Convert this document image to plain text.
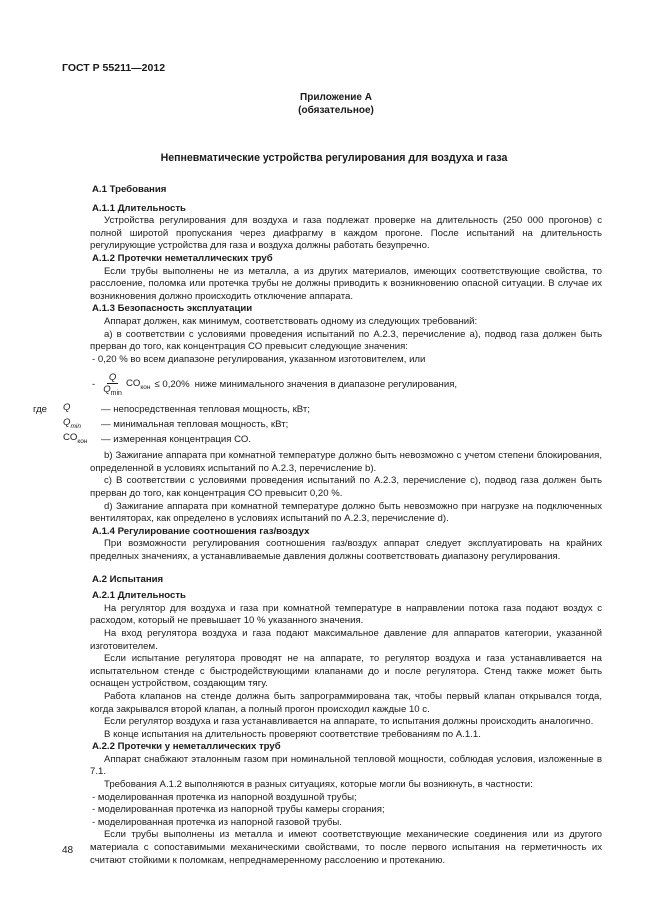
ГОСТ Р 55211—2012
Приложение А
(обязательное)
Непневматические устройства регулирования для воздуха и газа

А.1 Требования

А.1.1 Длительность

Устройства регулирования для воздуха и газа подлежат проверке на длительность (250 000 прогонов) с полной широтой пропускания через диафрагму в каждом прогоне. После испытаний на длительность регулирующие устройства для газа и воздуха должны работать безупречно.

А.1.2 Протечки неметаллических труб

Если трубы выполнены не из металла, а из других материалов, имеющих соответствующие свойства, то расслоение, поломка или протечка трубы не должны приводить к возникновению опасной ситуации. В случае их возникновения должно происходить отключение аппарата.

А.1.3 Безопасность эксплуатации

Аппарат должен, как минимум, соответствовать одному из следующих требований:

а) в соответствии с условиями проведения испытаний по А.2.3, перечисление а), подвод газа должен быть прерван до того, как концентрация СО превысит следующие значения:

- 0,20 % во всем диапазоне регулирования, указанном изготовителем, или

- $\frac{Q}{Q_{min}} CO_{кон} \le 0,20\%$ ниже минимального значения в диапазоне регулирования,
где	Q	— непосредственная тепловая мощность, кВт;
$Q_{min}$	— минимальная тепловая мощность, кВт;
$CO_{кон}$	— измеренная концентрация СО.

b) Зажигание аппарата при комнатной температуре должно быть невозможно с учетом степени блокирования, определенной в условиях испытаний по А.2.3, перечисление b).

c) В соответствии с условиями проведения испытаний по А.2.3, перечисление с), подвод газа должен быть прерван до того, как концентрация СО превысит 0,20 %.

d) Зажигание аппарата при комнатной температуре должно быть невозможно при нагрузке на подключенных вентиляторах, как определено в условиях испытаний по А.2.3, перечисление d).

А.1.4 Регулирование соотношения газ/воздух

При возможности регулирования соотношения газ/воздух аппарат следует эксплуатировать на крайних пределных значениях, а устанавливаемые давления должны соответствовать диапазону регулирования.

А.2 Испытания

А.2.1 Длительность

На регулятор для воздуха и газа при комнатной температуре в направлении потока газа подают воздух с расходом, который не превышает 10 % указанного значения.

На вход регулятора воздуха и газа подают максимальное давление для аппаратов категории, указанной изготовителем.

Если испытание регулятора проводят не на аппарате, то регулятор воздуха и газа устанавливается на испытательном стенде с быстродействующими клапанами до и после регулятора. Стенд также может быть оснащен устройством, создающим тягу.

Работа клапанов на стенде должна быть запрограммирована так, чтобы первый клапан открывался тогда, когда закрывался второй клапан, а полный прогон происходил каждые 10 с.

Если регулятор воздуха и газа устанавливается на аппарате, то испытания должны происходить аналогично.

В конце испытания на длительность проверяют соответствие требованиям по А.1.1.

А.2.2 Протечки у неметаллических труб

Аппарат снабжают эталонным газом при номинальной тепловой мощности, соблюдая условия, изложенные в 7.1.

Требования А.1.2 выполняются в разных ситуациях, которые могли бы возникнуть, в частности:

- моделированная протечка из напорной воздушной трубы;

- моделированная протечка из напорной трубы камеры сгорания;

- моделированная протечка из напорной газовой трубы.

Если трубы выполнены из металла и имеют соответствующие механические соединения или из другого материала с сопоставимыми механическими свойствами, то после первого испытания на герметичность их считают стойкими к поломкам, непреднамеренному расслоению и протеканию.

48
